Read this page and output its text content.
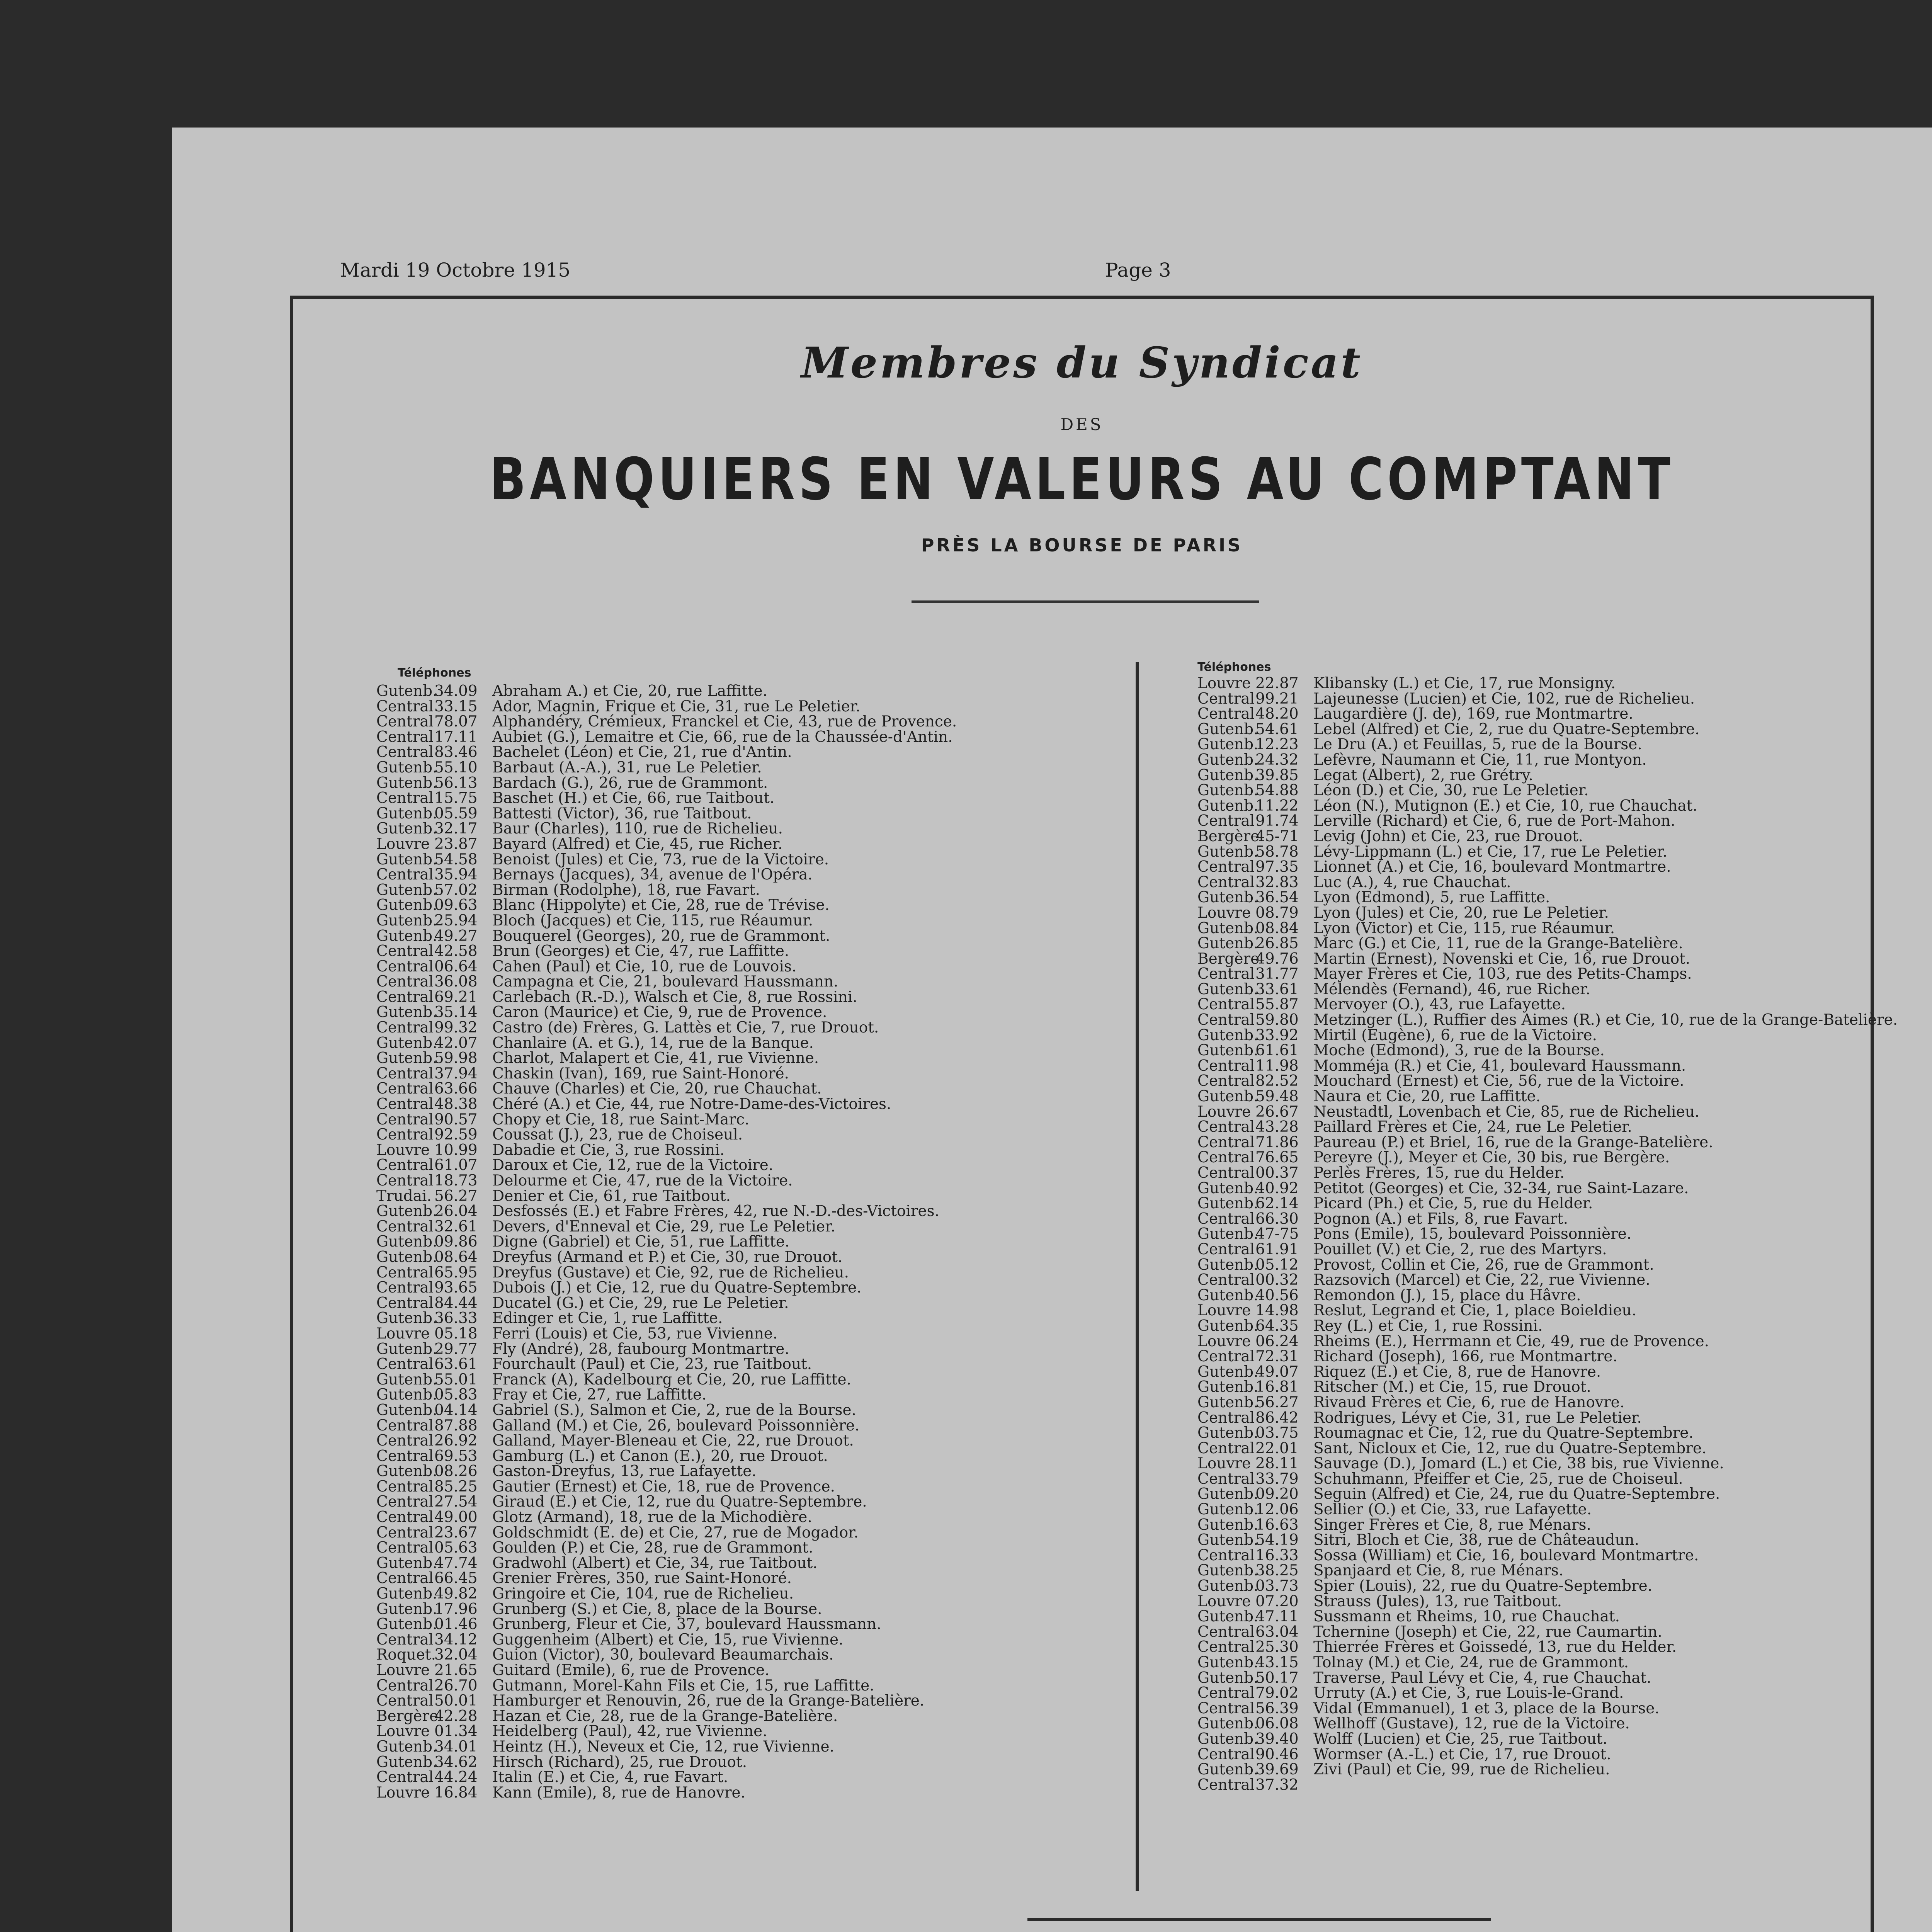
Mardi 19 Octobre 1915	Page 3
Membres du Syndicat
DES
BANQUIERS EN VALEURS AU COMPTANT
PRÈS LA BOURSE DE PARIS
Téléphones	Téléphones
Gutenb.
34.09 Abraham A.) et Cie, 20, rue Laffitte.
Central 33.15 Ador, Magnin, Frique et Cie, 31, rue Le Peletier.
Central 78.07 Alphandéry, Crémieux, Franckel et Cie, 43, rue de Provence.
Central 17.11 Aubiet (G.), Lemaitre et Cie, 66, rue de la Chaussée-d'Antin.
Central 83.46 Bachelet (Léon) et Cie, 21, rue d'Antin.
Gutenb.
55.10 Barbaut (A.-A.), 31, rue Le Peletier.
Gutenb.
56.13 Bardach (G.), 26, rue de Grammont.
Central 15.75 Baschet (H.) et Cie, 66, rue Taitbout.
Gutenb.
05.59 Battesti (Victor), 36, rue Taitbout.
Gutenb.
32.17 Baur (Charles), 110, rue de Richelieu.
Louvre 23.87 Bayard (Alfred) et Cie, 45, rue Richer.
Gutenb.
54.58 Benoist (Jules) et Cie, 73, rue de la Victoire.
Central 35.94 Bernays (Jacques), 34, avenue de l'Opéra.
Gutenb.
57.02 Birman (Rodolphe), 18, rue Favart.
Gutenb.
09.63 Blanc (Hippolyte) et Cie, 28, rue de Trévise.
Gutenb.
25.94 Bloch (Jacques) et Cie, 115, rue Réaumur.
Gutenb.
49.27 Bouquerel (Georges), 20, rue de Grammont.
Central 42.58 Brun (Georges) et Cie, 47, rue Laffitte.
Central 06.64 Cahen (Paul) et Cie, 10, rue de Louvois.
Central 36.08 Campagna et Cie, 21, boulevard Haussmann.
Central 69.21 Carlebach (R.-D.), Walsch et Cie, 8, rue Rossini.
Gutenb.
35.14 Caron (Maurice) et Cie, 9, rue de Provence.
Central 99.32 Castro (de) Frères, G. Lattès et Cie, 7, rue Drouot.
Gutenb.
42.07 Chanlaire (A. et G.), 14, rue de la Banque.
Gutenb.
59.98 Charlot, Malapert et Cie, 41, rue Vivienne.
Central 37.94 Chaskin (Ivan), 169, rue Saint-Honoré.
Central 63.66 Chauve (Charles) et Cie, 20, rue Chauchat.
Central 48.38 Chéré (A.) et Cie, 44, rue Notre-Dame-des-Victoires.
Central 90.57 Chopy et Cie, 18, rue Saint-Marc.
Central 92.59 Coussat (J.), 23, rue de Choiseul.
Louvre 10.99 Dabadie et Cie, 3, rue Rossini.
Central 61.07 Daroux et Cie, 12, rue de la Victoire.
Central 18.73 Delourme et Cie, 47, rue de la Victoire.
Trudai. 56.27 Denier et Cie, 61, rue Taitbout.
Gutenb.
26.04 Desfossés (E.) et Fabre Frères, 42, rue N.-D.-des-Victoires.
Central 32.61 Devers, d'Enneval et Cie, 29, rue Le Peletier.
Gutenb.
09.86 Digne (Gabriel) et Cie, 51, rue Laffitte.
Gutenb.
08.64 Dreyfus (Armand et P.) et Cie, 30, rue Drouot.
Central 65.95 Dreyfus (Gustave) et Cie, 92, rue de Richelieu.
Central 93.65 Dubois (J.) et Cie, 12, rue du Quatre-Septembre.
Central 84.44 Ducatel (G.) et Cie, 29, rue Le Peletier.
Gutenb.
36.33 Edinger et Cie, 1, rue Laffitte.
Louvre 05.18 Ferri (Louis) et Cie, 53, rue Vivienne.
Gutenb.
29.77 Fly (André), 28, faubourg Montmartre.
Central 63.61 Fourchault (Paul) et Cie, 23, rue Taitbout.
Gutenb.
55.01 Franck (A), Kadelbourg et Cie, 20, rue Laffitte.
Gutenb.
05.83 Fray et Cie, 27, rue Laffitte.
Gutenb.
04.14 Gabriel (S.), Salmon et Cie, 2, rue de la Bourse.
Central 87.88 Galland (M.) et Cie, 26, boulevard Poissonnière.
Central 26.92 Galland, Mayer-Bleneau et Cie, 22, rue Drouot.
Central 69.53 Gamburg (L.) et Canon (E.), 20, rue Drouot.
Gutenb.
08.26 Gaston-Dreyfus, 13, rue Lafayette.
Central 85.25 Gautier (Ernest) et Cie, 18, rue de Provence.
Central 27.54 Giraud (E.) et Cie, 12, rue du Quatre-Septembre.
Central 49.00 Glotz (Armand), 18, rue de la Michodière.
Central 23.67 Goldschmidt (E. de) et Cie, 27, rue de Mogador.
Central 05.63 Goulden (P.) et Cie, 28, rue de Grammont.
Gutenb.
47.74 Gradwohl (Albert) et Cie, 34, rue Taitbout.
Central 66.45 Grenier Frères, 350, rue Saint-Honoré.
Gutenb.
49.82 Gringoire et Cie, 104, rue de Richelieu.
Gutenb.
17.96 Grunberg (S.) et Cie, 8, place de la Bourse.
Gutenb.
01.46 Grunberg, Fleur et Cie, 37, boulevard Haussmann.
Central 34.12 Guggenheim (Albert) et Cie, 15, rue Vivienne.
Roquet.
32.04 Guion (Victor), 30, boulevard Beaumarchais.
Louvre 21.65 Guitard (Emile), 6, rue de Provence.
Central 26.70 Gutmann, Morel-Kahn Fils et Cie, 15, rue Laffitte.
Central 50.01 Hamburger et Renouvin, 26, rue de la Grange-Batelière.
Bergère
42.28 Hazan et Cie, 28, rue de la Grange-Batelière.
Louvre 01.34 Heidelberg (Paul), 42, rue Vivienne.
Gutenb.
34.01 Heintz (H.), Neveux et Cie, 12, rue Vivienne.
Gutenb.
34.62 Hirsch (Richard), 25, rue Drouot.
Central 44.24 Italin (E.) et Cie, 4, rue Favart.
Louvre 16.84 Kann (Emile), 8, rue de Hanovre.
Louvre 22.87 Klibansky (L.) et Cie, 17, rue Monsigny.
Central 99.21 Lajeunesse (Lucien) et Cie, 102, rue de Richelieu.
Central 48.20 Laugardière (J. de), 169, rue Montmartre.
Gutenb.
54.61 Lebel (Alfred) et Cie, 2, rue du Quatre-Septembre.
Gutenb.
12.23 Le Dru (A.) et Feuillas, 5, rue de la Bourse.
Gutenb.
24.32 Lefèvre, Naumann et Cie, 11, rue Montyon.
Gutenb.
39.85 Legat (Albert), 2, rue Grétry.
Gutenb.
54.88 Léon (D.) et Cie, 30, rue Le Peletier.
Gutenb.
11.22 Léon (N.), Mutignon (E.) et Cie, 10, rue Chauchat.
Central 91.74 Lerville (Richard) et Cie, 6, rue de Port-Mahon.
Bergère
45-71 Levig (John) et Cie, 23, rue Drouot.
Gutenb.
58.78 Lévy-Lippmann (L.) et Cie, 17, rue Le Peletier.
Central 97.35 Lionnet (A.) et Cie, 16, boulevard Montmartre.
Central 32.83 Luc (A.), 4, rue Chauchat.
Gutenb.
36.54 Lyon (Edmond), 5, rue Laffitte.
Louvre 08.79 Lyon (Jules) et Cie, 20, rue Le Peletier.
Gutenb.
08.84 Lyon (Victor) et Cie, 115, rue Réaumur.
Gutenb.
26.85 Marc (G.) et Cie, 11, rue de la Grange-Batelière.
Bergère
49.76 Martin (Ernest), Novenski et Cie, 16, rue Drouot.
Central 31.77 Mayer Frères et Cie, 103, rue des Petits-Champs.
Gutenb.
33.61 Mélendès (Fernand), 46, rue Richer.
Central 55.87 Mervoyer (O.), 43, rue Lafayette.
Central 59.80 Metzinger (L.), Ruffier des Aimes (R.) et Cie, 10, rue de la Grange-Batelière.
Gutenb.
33.92 Mirtil (Eugène), 6, rue de la Victoire.
Gutenb.
61.61 Moche (Edmond), 3, rue de la Bourse.
Central 11.98 Momméja (R.) et Cie, 41, boulevard Haussmann.
Central 82.52 Mouchard (Ernest) et Cie, 56, rue de la Victoire.
Gutenb.
59.48 Naura et Cie, 20, rue Laffitte.
Louvre 26.67 Neustadtl, Lovenbach et Cie, 85, rue de Richelieu.
Central 43.28 Paillard Frères et Cie, 24, rue Le Peletier.
Central 71.86 Paureau (P.) et Briel, 16, rue de la Grange-Batelière.
Central 76.65 Pereyre (J.), Meyer et Cie, 30 bis, rue Bergère.
Central 00.37 Perlès Frères, 15, rue du Helder.
Gutenb.
40.92 Petitot (Georges) et Cie, 32-34, rue Saint-Lazare.
Gutenb.
62.14 Picard (Ph.) et Cie, 5, rue du Helder.
Central 66.30 Pognon (A.) et Fils, 8, rue Favart.
Gutenb.
47-75 Pons (Emile), 15, boulevard Poissonnière.
Central 61.91 Pouillet (V.) et Cie, 2, rue des Martyrs.
Gutenb.
05.12 Provost, Collin et Cie, 26, rue de Grammont.
Central 00.32 Razsovich (Marcel) et Cie, 22, rue Vivienne.
Gutenb.
40.56 Remondon (J.), 15, place du Hâvre.
Louvre 14.98 Reslut, Legrand et Cie, 1, place Boieldieu.
Gutenb.
64.35 Rey (L.) et Cie, 1, rue Rossini.
Louvre 06.24 Rheims (E.), Herrmann et Cie, 49, rue de Provence.
Central 72.31 Richard (Joseph), 166, rue Montmartre.
Gutenb.
49.07 Riquez (E.) et Cie, 8, rue de Hanovre.
Gutenb.
16.81 Ritscher (M.) et Cie, 15, rue Drouot.
Gutenb.
56.27 Rivaud Frères et Cie, 6, rue de Hanovre.
Central 86.42 Rodrigues, Lévy et Cie, 31, rue Le Peletier.
Gutenb.
03.75 Roumagnac et Cie, 12, rue du Quatre-Septembre.
Central 22.01 Sant, Nicloux et Cie, 12, rue du Quatre-Septembre.
Louvre 28.11 Sauvage (D.), Jomard (L.) et Cie, 38 bis, rue Vivienne.
Central 33.79 Schuhmann, Pfeiffer et Cie, 25, rue de Choiseul.
Gutenb.
09.20 Seguin (Alfred) et Cie, 24, rue du Quatre-Septembre.
Gutenb.
12.06 Sellier (O.) et Cie, 33, rue Lafayette.
Gutenb.
16.63 Singer Frères et Cie, 8, rue Ménars.
Gutenb.
54.19 Sitri, Bloch et Cie, 38, rue de Châteaudun.
Central 16.33 Sossa (William) et Cie, 16, boulevard Montmartre.
Gutenb.
38.25 Spanjaard et Cie, 8, rue Ménars.
Gutenb.
03.73 Spier (Louis), 22, rue du Quatre-Septembre.
Louvre 07.20 Strauss (Jules), 13, rue Taitbout.
Gutenb.
47.11 Sussmann et Rheims, 10, rue Chauchat.
Central 63.04 Tchernine (Joseph) et Cie, 22, rue Caumartin.
Central 25.30 Thierrée Frères et Goissedé, 13, rue du Helder.
Gutenb.
43.15 Tolnay (M.) et Cie, 24, rue de Grammont.
Gutenb.
50.17 Traverse, Paul Lévy et Cie, 4, rue Chauchat.
Central 79.02 Urruty (A.) et Cie, 3, rue Louis-le-Grand.
Central 56.39 Vidal (Emmanuel), 1 et 3, place de la Bourse.
Gutenb.
06.08 Wellhoff (Gustave), 12, rue de la Victoire.
Gutenb.
39.40 Wolff (Lucien) et Cie, 25, rue Taitbout.
Central 90.46 Wormser (A.-L.) et Cie, 17, rue Drouot.
Gutenb.
39.69 Zivi (Paul) et Cie, 99, rue de Richelieu.
Central 37.32
